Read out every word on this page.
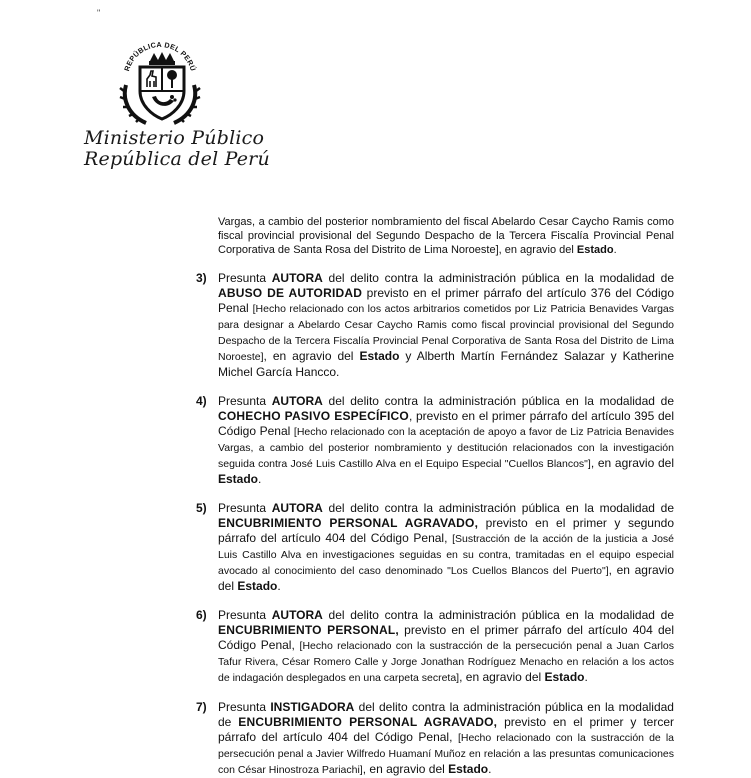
"
REPÚBLICA DEL PERÚ
Ministerio Público
República del Perú

Vargas, a cambio del posterior nombramiento del fiscal Abelardo Cesar Caycho Ramis como fiscal provincial provisional del Segundo Despacho de la Tercera Fiscalía Provincial Penal Corporativa de Santa Rosa del Distrito de Lima Noroeste], en agravio del Estado.

3) Presunta AUTORA del delito contra la administración pública en la modalidad de ABUSO DE AUTORIDAD previsto en el primer párrafo del artículo 376 del Código Penal [Hecho relacionado con los actos arbitrarios cometidos por Liz Patricia Benavides Vargas para designar a Abelardo Cesar Caycho Ramis como fiscal provincial provisional del Segundo Despacho de la Tercera Fiscalía Provincial Penal Corporativa de Santa Rosa del Distrito de Lima Noroeste], en agravio del Estado y Alberth Martín Fernández Salazar y Katherine Michel García Hancco.
4) Presunta AUTORA del delito contra la administración pública en la modalidad de COHECHO PASIVO ESPECÍFICO, previsto en el primer párrafo del artículo 395 del Código Penal [Hecho relacionado con la aceptación de apoyo a favor de Liz Patricia Benavides Vargas, a cambio del posterior nombramiento y destitución relacionados con la investigación seguida contra José Luis Castillo Alva en el Equipo Especial "Cuellos Blancos"], en agravio del Estado.
5) Presunta AUTORA del delito contra la administración pública en la modalidad de ENCUBRIMIENTO PERSONAL AGRAVADO, previsto en el primer y segundo párrafo del artículo 404 del Código Penal, [Sustracción de la acción de la justicia a José Luis Castillo Alva en investigaciones seguidas en su contra, tramitadas en el equipo especial avocado al conocimiento del caso denominado "Los Cuellos Blancos del Puerto"], en agravio del Estado.
6) Presunta AUTORA del delito contra la administración pública en la modalidad de ENCUBRIMIENTO PERSONAL, previsto en el primer párrafo del artículo 404 del Código Penal, [Hecho relacionado con la sustracción de la persecución penal a Juan Carlos Tafur Rivera, César Romero Calle y Jorge Jonathan Rodríguez Menacho en relación a los actos de indagación desplegados en una carpeta secreta], en agravio del Estado.
7) Presunta INSTIGADORA del delito contra la administración pública en la modalidad de ENCUBRIMIENTO PERSONAL AGRAVADO, previsto en el primer y tercer párrafo del artículo 404 del Código Penal, [Hecho relacionado con la sustracción de la persecución penal a Javier Wilfredo Huamaní Muñoz en relación a las presuntas comunicaciones con César Hinostroza Pariachi], en agravio del Estado.
